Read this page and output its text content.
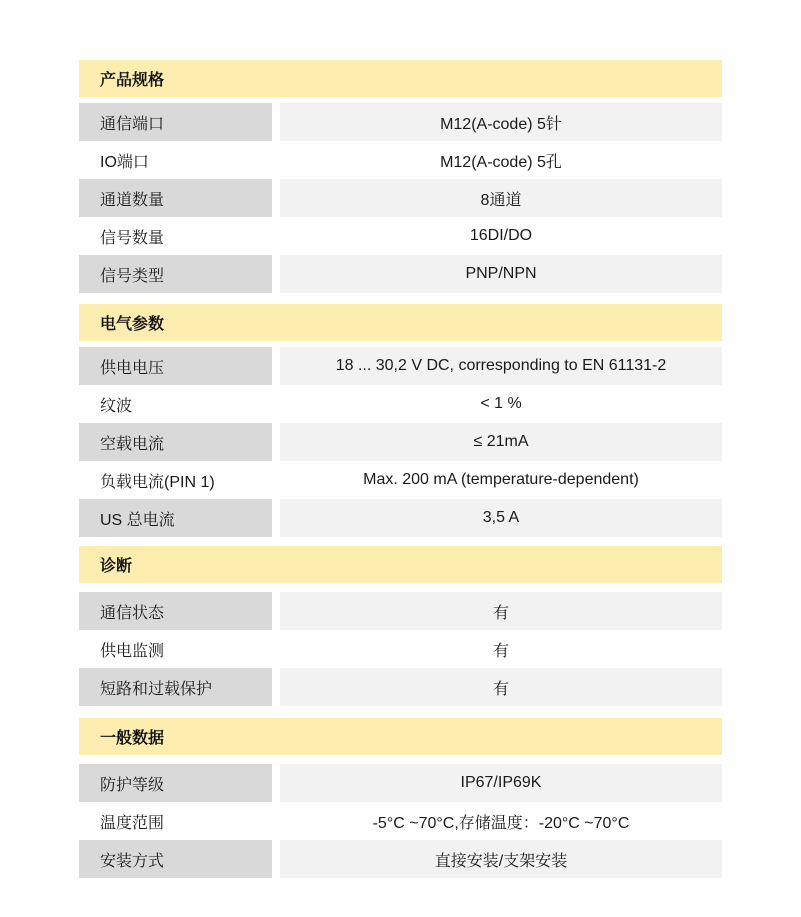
产品规格
通信端口	M12(A-code) 5针
IO端口	M12(A-code) 5孔
通道数量	8通道
信号数量	16DI/DO
信号类型	PNP/NPN
电气参数
供电电压	18 ... 30,2 V DC, corresponding to EN 61131-2
纹波	< 1 %
空载电流	≤ 21mA
负载电流(PIN 1)	Max. 200 mA (temperature-dependent)
US 总电流	3,5 A
诊断
通信状态	有
供电监测	有
短路和过载保护	有
一般数据
防护等级	IP67/IP69K
温度范围	-5°C ~70°C,存储温度：-20°C ~70°C
安装方式	直接安装/支架安装
